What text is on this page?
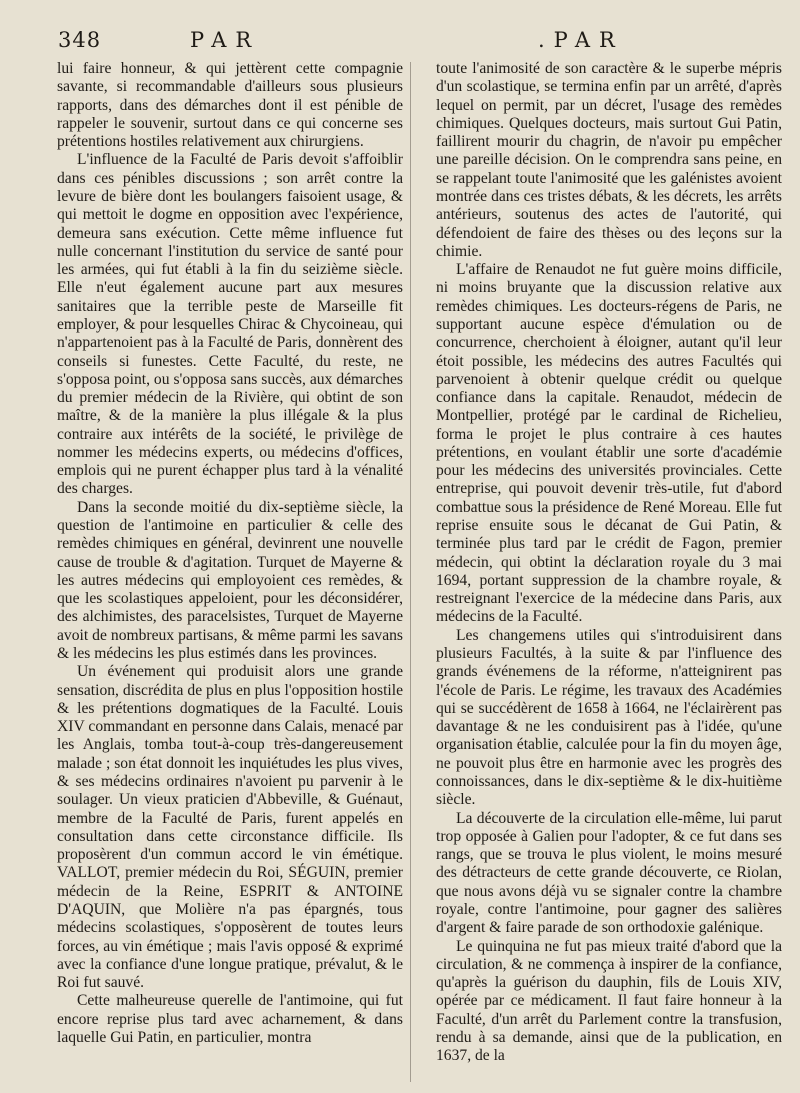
348	PAR	.PAR

lui faire honneur, & qui jettèrent cette compagnie savante, si recommandable d'ailleurs sous plusieurs rapports, dans des démarches dont il est pénible de rappeler le souvenir, surtout dans ce qui concerne ses prétentions hostiles relativement aux chirurgiens.

L'influence de la Faculté de Paris devoit s'affoiblir dans ces pénibles discussions ; son arrêt contre la levure de bière dont les boulangers faisoient usage, & qui mettoit le dogme en opposition avec l'expérience, demeura sans exécution. Cette même influence fut nulle concernant l'institution du service de santé pour les armées, qui fut établi à la fin du seizième siècle. Elle n'eut également aucune part aux mesures sanitaires que la terrible peste de Marseille fit employer, & pour lesquelles Chirac & Chycoineau, qui n'appartenoient pas à la Faculté de Paris, donnèrent des conseils si funestes. Cette Faculté, du reste, ne s'opposa point, ou s'opposa sans succès, aux démarches du premier médecin de la Rivière, qui obtint de son maître, & de la manière la plus illégale & la plus contraire aux intérêts de la société, le privilège de nommer les médecins experts, ou médecins d'offices, emplois qui ne purent échapper plus tard à la vénalité des charges.

Dans la seconde moitié du dix-septième siècle, la question de l'antimoine en particulier & celle des remèdes chimiques en général, devinrent une nouvelle cause de trouble & d'agitation. Turquet de Mayerne & les autres médecins qui employoient ces remèdes, & que les scolastiques appeloient, pour les déconsidérer, des alchimistes, des paracelsistes, Turquet de Mayerne avoit de nombreux partisans, & même parmi les savans & les médecins les plus estimés dans les provinces.

Un événement qui produisit alors une grande sensation, discrédita de plus en plus l'opposition hostile & les prétentions dogmatiques de la Faculté. Louis XIV commandant en personne dans Calais, menacé par les Anglais, tomba tout-à-coup très-dangereusement malade ; son état donnoit les inquiétudes les plus vives, & ses médecins ordinaires n'avoient pu parvenir à le soulager. Un vieux praticien d'Abbeville, & Guénaut, membre de la Faculté de Paris, furent appelés en consultation dans cette circonstance difficile. Ils proposèrent d'un commun accord le vin émétique. VALLOT, premier médecin du Roi, SÉGUIN, premier médecin de la Reine, ESPRIT & ANTOINE D'AQUIN, que Molière n'a pas épargnés, tous médecins scolastiques, s'opposèrent de toutes leurs forces, au vin émétique ; mais l'avis opposé & exprimé avec la confiance d'une longue pratique, prévalut, & le Roi fut sauvé.

Cette malheureuse querelle de l'antimoine, qui fut encore reprise plus tard avec acharnement, & dans laquelle Gui Patin, en particulier, montra

toute l'animosité de son caractère & le superbe mépris d'un scolastique, se termina enfin par un arrêté, d'après lequel on permit, par un décret, l'usage des remèdes chimiques. Quelques docteurs, mais surtout Gui Patin, faillirent mourir du chagrin, de n'avoir pu empêcher une pareille décision. On le comprendra sans peine, en se rappelant toute l'animosité que les galénistes avoient montrée dans ces tristes débats, & les décrets, les arrêts antérieurs, soutenus des actes de l'autorité, qui défendoient de faire des thèses ou des leçons sur la chimie.

L'affaire de Renaudot ne fut guère moins difficile, ni moins bruyante que la discussion relative aux remèdes chimiques. Les docteurs-régens de Paris, ne supportant aucune espèce d'émulation ou de concurrence, cherchoient à éloigner, autant qu'il leur étoit possible, les médecins des autres Facultés qui parvenoient à obtenir quelque crédit ou quelque confiance dans la capitale. Renaudot, médecin de Montpellier, protégé par le cardinal de Richelieu, forma le projet le plus contraire à ces hautes prétentions, en voulant établir une sorte d'académie pour les médecins des universités provinciales. Cette entreprise, qui pouvoit devenir très-utile, fut d'abord combattue sous la présidence de René Moreau. Elle fut reprise ensuite sous le décanat de Gui Patin, & terminée plus tard par le crédit de Fagon, premier médecin, qui obtint la déclaration royale du 3 mai 1694, portant suppression de la chambre royale, & restreignant l'exercice de la médecine dans Paris, aux médecins de la Faculté.

Les changemens utiles qui s'introduisirent dans plusieurs Facultés, à la suite & par l'influence des grands événemens de la réforme, n'atteignirent pas l'école de Paris. Le régime, les travaux des Académies qui se succédèrent de 1658 à 1664, ne l'éclairèrent pas davantage & ne les conduisirent pas à l'idée, qu'une organisation établie, calculée pour la fin du moyen âge, ne pouvoit plus être en harmonie avec les progrès des connoissances, dans le dix-septième & le dix-huitième siècle.

La découverte de la circulation elle-même, lui parut trop opposée à Galien pour l'adopter, & ce fut dans ses rangs, que se trouva le plus violent, le moins mesuré des détracteurs de cette grande découverte, ce Riolan, que nous avons déjà vu se signaler contre la chambre royale, contre l'antimoine, pour gagner des salières d'argent & faire parade de son orthodoxie galénique.

Le quinquina ne fut pas mieux traité d'abord que la circulation, & ne commença à inspirer de la confiance, qu'après la guérison du dauphin, fils de Louis XIV, opérée par ce médicament. Il faut faire honneur à la Faculté, d'un arrêt du Parlement contre la transfusion, rendu à sa demande, ainsi que de la publication, en 1637, de la
